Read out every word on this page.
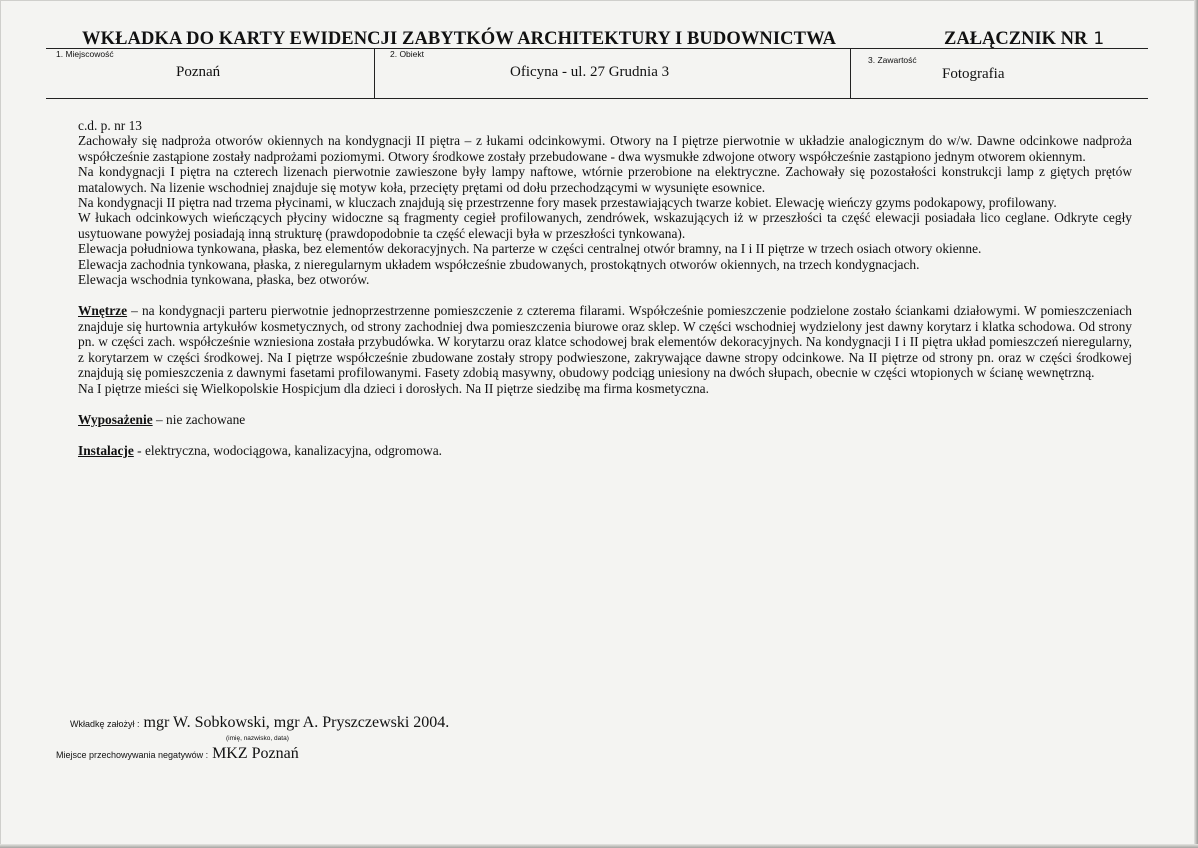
WKŁADKA DO KARTY EWIDENCJI ZABYTKÓW ARCHITEKTURY I BUDOWNICTWA	ZAŁĄCZNIK NR 1
1. Miejscowość
Poznań
2. Obiekt
Oficyna - ul. 27 Grudnia 3
3. Zawartość
Fotografia

c.d. p. nr 13

Zachowały się nadproża otworów okiennych na kondygnacji II piętra – z łukami odcinkowymi. Otwory na I piętrze pierwotnie w układzie analogicznym do w/w. Dawne odcinkowe nadproża współcześnie zastąpione zostały nadprożami poziomymi. Otwory środkowe zostały przebudowane - dwa wysmukłe zdwojone otwory współcześnie zastąpiono jednym otworem okiennym.

Na kondygnacji I piętra na czterech lizenach pierwotnie zawieszone były lampy naftowe, wtórnie przerobione na elektryczne. Zachowały się pozostałości konstrukcji lamp z giętych prętów matalowych. Na lizenie wschodniej znajduje się motyw koła, przecięty prętami od dołu przechodzącymi w wysunięte esownice.

Na kondygnacji II piętra nad trzema płycinami, w kluczach znajdują się przestrzenne fory masek przestawiających twarze kobiet. Elewację wieńczy gzyms podokapowy, profilowany.

W łukach odcinkowych wieńczących płyciny widoczne są fragmenty cegieł profilowanych, zendrówek, wskazujących iż w przeszłości ta część elewacji posiadała lico ceglane. Odkryte cegły usytuowane powyżej posiadają inną strukturę (prawdopodobnie ta część elewacji była w przeszłości tynkowana).

Elewacja południowa tynkowana, płaska, bez elementów dekoracyjnych. Na parterze w części centralnej otwór bramny, na I i II piętrze w trzech osiach otwory okienne.

Elewacja zachodnia tynkowana, płaska, z nieregularnym układem współcześnie zbudowanych, prostokątnych otworów okiennych, na trzech kondygnacjach.

Elewacja wschodnia tynkowana, płaska, bez otworów.

Wnętrze – na kondygnacji parteru pierwotnie jednoprzestrzenne pomieszczenie z czterema filarami. Współcześnie pomieszczenie podzielone zostało ściankami działowymi. W pomieszczeniach znajduje się hurtownia artykułów kosmetycznych, od strony zachodniej dwa pomieszczenia biurowe oraz sklep. W części wschodniej wydzielony jest dawny korytarz i klatka schodowa. Od strony pn. w części zach. współcześnie wzniesiona została przybudówka. W korytarzu oraz klatce schodowej brak elementów dekoracyjnych. Na kondygnacji I i II piętra układ pomieszczeń nieregularny, z korytarzem w części środkowej. Na I piętrze współcześnie zbudowane zostały stropy podwieszone, zakrywające dawne stropy odcinkowe. Na II piętrze od strony pn. oraz w części środkowej znajdują się pomieszczenia z dawnymi fasetami profilowanymi. Fasety zdobią masywny, obudowy podciąg uniesiony na dwóch słupach, obecnie w części wtopionych w ścianę wewnętrzną.

Na I piętrze mieści się Wielkopolskie Hospicjum dla dzieci i dorosłych. Na II piętrze siedzibę ma firma kosmetyczna.

Wyposażenie – nie zachowane

Instalacje - elektryczna, wodociągowa, kanalizacyjna, odgromowa.

Wkładkę założył : mgr W. Sobkowski, mgr A. Pryszczewski 2004.
(imię, nazwisko, data)
Miejsce przechowywania negatywów : MKZ Poznań
